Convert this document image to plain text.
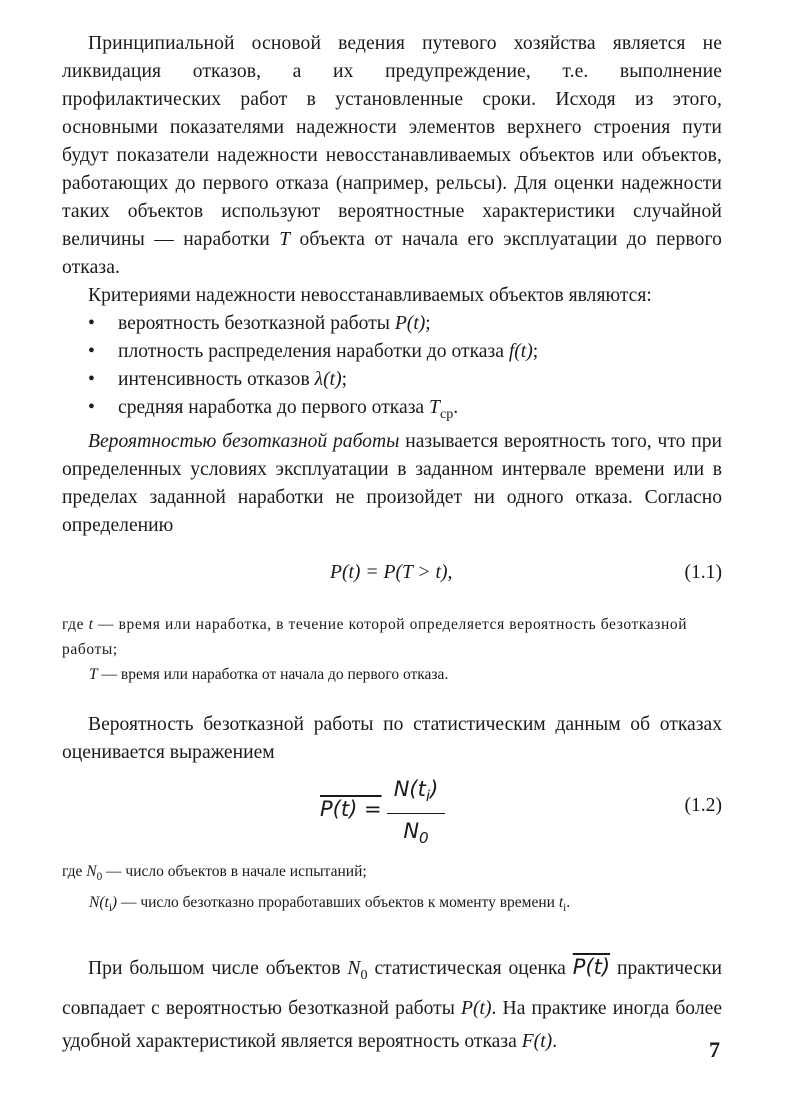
Принципиальной основой ведения путевого хозяйства является не ликвидация отказов, а их предупреждение, т.е. выполнение профилактических работ в установленные сроки. Исходя из этого, основными показателями надежности элементов верхнего строения пути будут показатели надежности невосстанавливаемых объектов или объектов, работающих до первого отказа (например, рельсы). Для оценки надежности таких объектов используют вероятностные характеристики случайной величины — наработки T объекта от начала его эксплуатации до первого отказа.

Критериями надежности невосстанавливаемых объектов являются:

• вероятность безотказной работы P(t);
• плотность распределения наработки до отказа f(t);
• интенсивность отказов λ(t);
• средняя наработка до первого отказа $T_{ср}$.

Вероятностью безотказной работы называется вероятность того, что при определенных условиях эксплуатации в заданном интервале времени или в пределах заданной наработки не произойдет ни одного отказа. Согласно определению

P(t) = P(T > t),	(1.1)
где t — время или наработка, в течение которой определяется вероятность безотказной работы;
T — время или наработка от начала до первого отказа.

Вероятность безотказной работы по статистическим данным об отказах оценивается выражением

P(t) =
$N(t_i)$
$N_0$
(1.2)
где $N_0$ — число объектов в начале испытаний;
$N(t_i)$ — число безотказно проработавших объектов к моменту времени $t_i$.

При большом числе объектов $N_0$ статистическая оценка P(t) практически совпадает с вероятностью безотказной работы P(t). На практике иногда более удобной характеристикой является вероятность отказа F(t).	7
